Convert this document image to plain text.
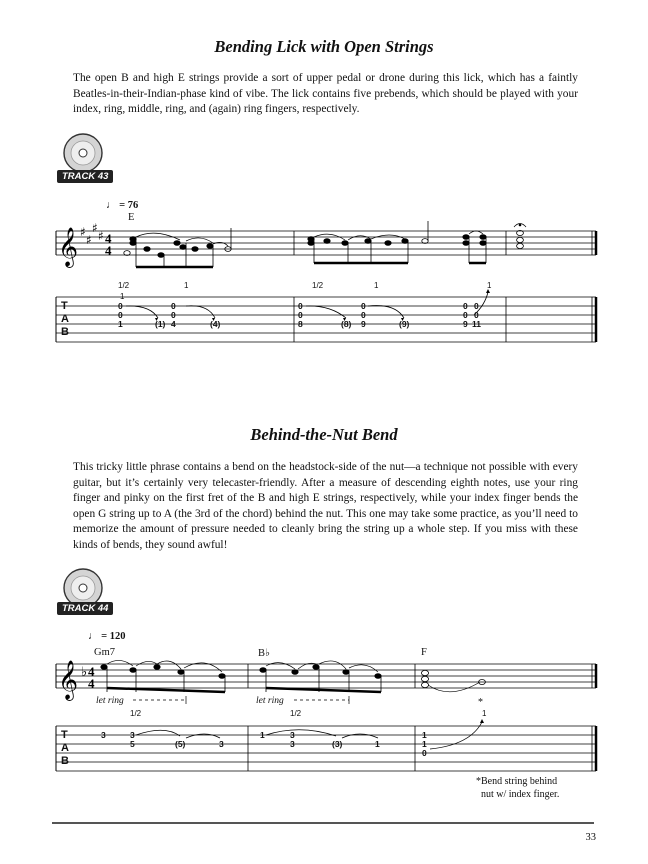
Bending Lick with Open Strings
The open B and high E strings provide a sort of upper pedal or drone during this lick, which has a faintly Beatles-in-their-Indian-phase kind of vibe. The lick contains five prebends, which should be played with your index, ring, middle, ring, and (again) ring fingers, respectively.
TRACK 43
♩ = 76
E
𝄞 ♯
♯
♯
♯ 4
4
1/2	1
1
1/2	1	1
0
0
1	(1)
0
0
4	(4)
0
0
8	(8) 9
0
0
(9)
0
0
9
0
0
11
T
A
B
Behind-the-Nut Bend
This tricky little phrase contains a bend on the headstock-side of the nut—a technique not possible with every guitar, but it’s certainly very telecaster-friendly. After a measure of descending eighth notes, use your ring finger and pinky on the first fret of the B and high E strings, respectively, while your index finger bends the open G string up to A (the 3rd of the chord) behind the nut. This one may take some practice, as you’ll need to memorize the amount of pressure needed to cleanly bring the string up a whole step. If you miss with these kinds of bends, they sound awful!
TRACK 44
♩ = 120
Gm7	B♭	F
𝄞 ♭ 4
4
let ring	let ring	*
1/2	1/2	1
3	3
5	(5)	3
1	3
3	(3)	1
1
1
0
T
A
B
*Bend string behind
nut w/ index finger.
33
